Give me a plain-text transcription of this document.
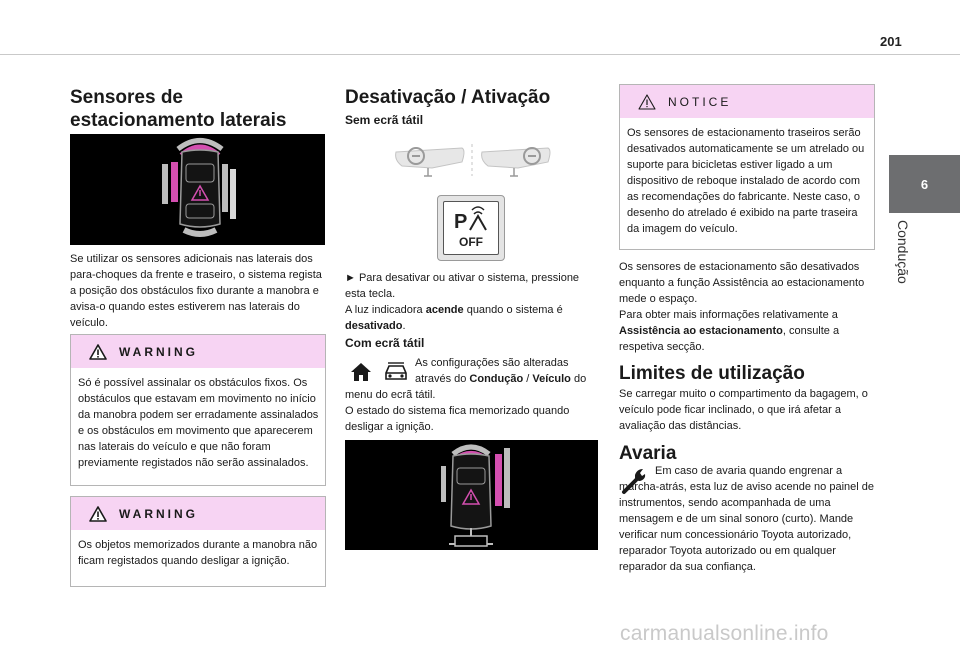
201
6
Condução
Sensores de estacionamento laterais

Se utilizar os sensores adicionais nas laterais dos para-choques da frente e traseiro, o sistema regista a posição dos obstáculos fixo durante a manobra e avisa-o quando estes estiverem nas laterais do veículo.

WARNING
Só é possível assinalar os obstáculos fixos. Os obstáculos que estavam em movimento no início da manobra podem ser erradamente assinalados e os obstáculos em movimento que aparecerem nas laterais do veículo e que não foram previamente registados não serão assinalados.
WARNING
Os objetos memorizados durante a manobra não ficam registados quando desligar a ignição.
Desativação / Ativação
Sem ecrã tátil
P
OFF

► Para desativar ou ativar o sistema, pressione esta tecla.
A luz indicadora acende quando o sistema é desativado.

Com ecrã tátil

As configurações são alteradas através do Condução / Veículo do

menu do ecrã tátil.

O estado do sistema fica memorizado quando desligar a ignição.

NOTICE
Os sensores de estacionamento traseiros serão desativados automaticamente se um atrelado ou suporte para bicicletas estiver ligado a um dispositivo de reboque instalado de acordo com as recomendações do fabricante. Neste caso, o desenho do atrelado é exibido na parte traseira da imagem do veículo.

Os sensores de estacionamento são desativados enquanto a função Assistência ao estacionamento mede o espaço.

Para obter mais informações relativamente a Assistência ao estacionamento, consulte a respetiva secção.

Limites de utilização

Se carregar muito o compartimento da bagagem, o veículo pode ficar inclinado, o que irá afetar a avaliação das distâncias.

Avaria

Em caso de avaria quando engrenar a marcha-atrás, esta luz de aviso acende no painel de instrumentos, sendo acompanhada de uma mensagem e de um sinal sonoro (curto). Mande verificar num concessionário Toyota autorizado, reparador Toyota autorizado ou em qualquer reparador da sua confiança.

carmanualsonline.info
